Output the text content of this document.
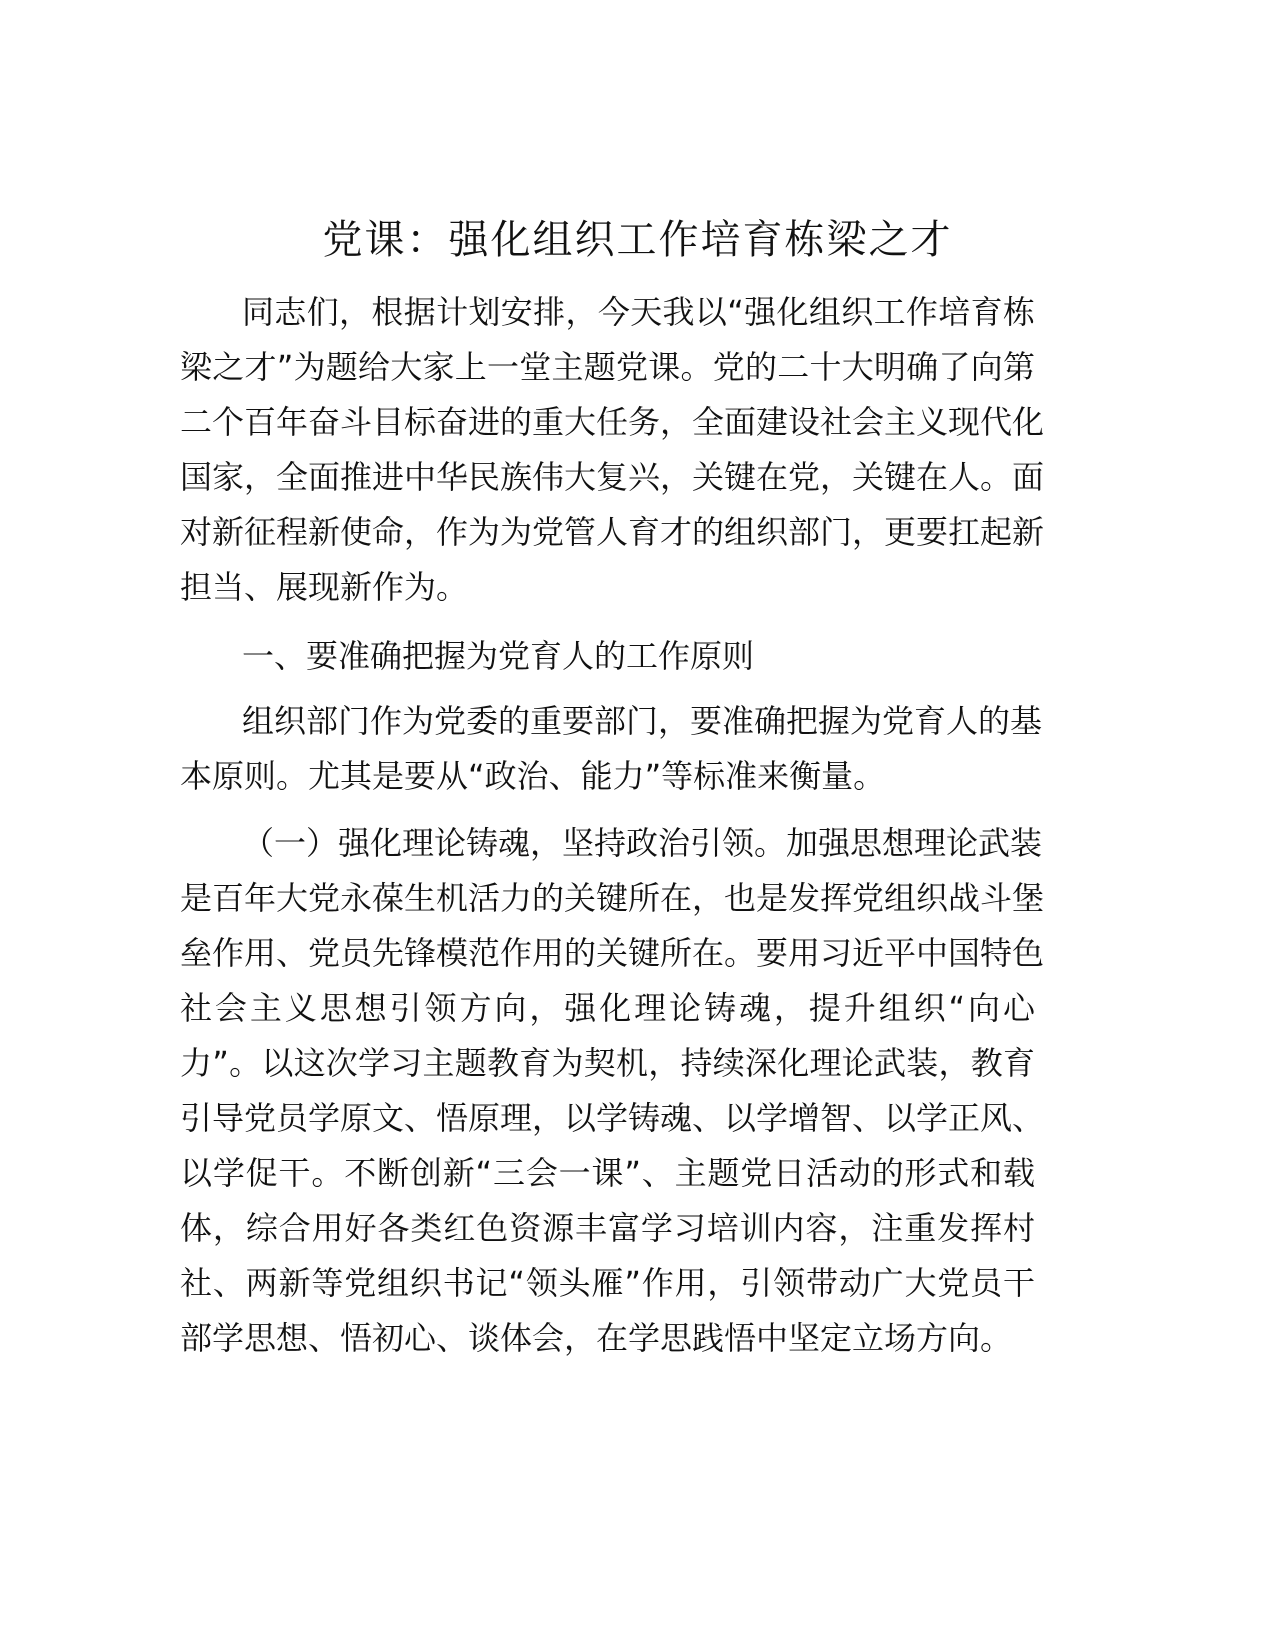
党课：强化组织工作培育栋梁之才
同志们，根据计划安排，今天我以“强化组织工作培育栋
梁之才”为题给大家上一堂主题党课。党的二十大明确了向第
二个百年奋斗目标奋进的重大任务，全面建设社会主义现代化
国家，全面推进中华民族伟大复兴，关键在党，关键在人。面
对新征程新使命，作为为党管人育才的组织部门，更要扛起新
担当、展现新作为。
一、要准确把握为党育人的工作原则
组织部门作为党委的重要部门，要准确把握为党育人的基
本原则。尤其是要从“政治、能力”等标准来衡量。
（一）强化理论铸魂，坚持政治引领。加强思想理论武装
是百年大党永葆生机活力的关键所在，也是发挥党组织战斗堡
垒作用、党员先锋模范作用的关键所在。要用习近平中国特色
社会主义思想引领方向，强化理论铸魂，提升组织“向心
力”。以这次学习主题教育为契机，持续深化理论武装，教育
引导党员学原文、悟原理，以学铸魂、以学增智、以学正风、
以学促干。不断创新“三会一课”、主题党日活动的形式和载
体，综合用好各类红色资源丰富学习培训内容，注重发挥村
社、两新等党组织书记“领头雁”作用，引领带动广大党员干
部学思想、悟初心、谈体会，在学思践悟中坚定立场方向。
